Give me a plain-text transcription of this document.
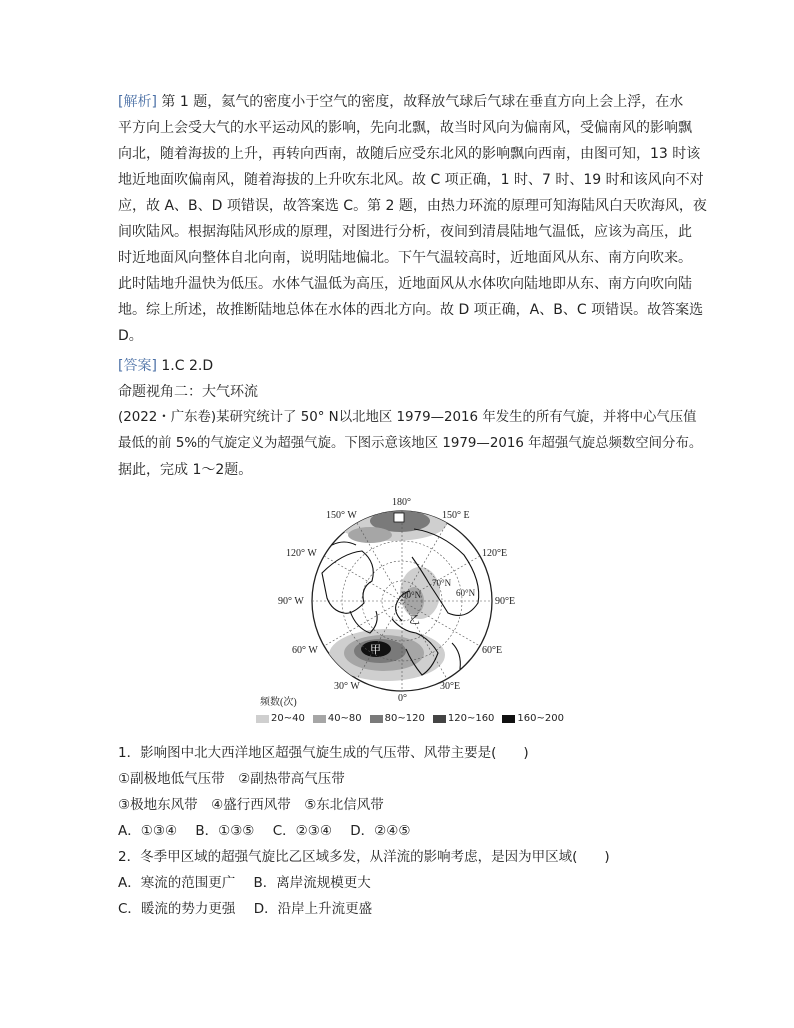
[解析] 第 1 题，氦气的密度小于空气的密度，故释放气球后气球在垂直方向上会上浮，在水
平方向上会受大气的水平运动风的影响，先向北飘，故当时风向为偏南风，受偏南风的影响飘
向北，随着海拔的上升，再转向西南，故随后应受东北风的影响飘向西南，由图可知，13 时该
地近地面吹偏南风，随着海拔的上升吹东北风。故 C 项正确，1 时、7 时、19 时和该风向不对
应，故 A、B、D 项错误，故答案选 C。第 2 题，由热力环流的原理可知海陆风白天吹海风，夜
间吹陆风。根据海陆风形成的原理，对图进行分析，夜间到清晨陆地气温低，应该为高压，此
时近地面风向整体自北向南，说明陆地偏北。下午气温较高时，近地面风从东、南方向吹来。
此时陆地升温快为低压。水体气温低为高压，近地面风从水体吹向陆地即从东、南方向吹向陆
地。综上所述，故推断陆地总体在水体的西北方向。故 D 项正确，A、B、C 项错误。故答案选
D。
[答案] 1.C 2.D
命题视角二：大气环流
(2022・广东卷)某研究统计了 50° N以北地区 1979—2016 年发生的所有气旋，并将中心气压值
最低的前 5%的气旋定义为超强气旋。下图示意该地区 1979—2016 年超强气旋总频数空间分布。
据此，完成 1～2题。
180°
150° W	150° E
120° W	120°E
90° W	90°E
60° W	60°E
30° W	30°E
0°
80°N
70°N
60°N
甲
乙
频数(次)
20~40 40~80 80~120 120~160 160~200
1．影响图中北大西洋地区超强气旋生成的气压带、风带主要是(　　)
①副极地低气压带　②副热带高气压带
③极地东风带　④盛行西风带　⑤东北信风带
A．①③④ B．①③⑤ C．②③④ D．②④⑤
2．冬季甲区域的超强气旋比乙区域多发，从洋流的影响考虑，是因为甲区域(　　)
A．寒流的范围更广 B．离岸流规模更大
C．暖流的势力更强 D．沿岸上升流更盛
